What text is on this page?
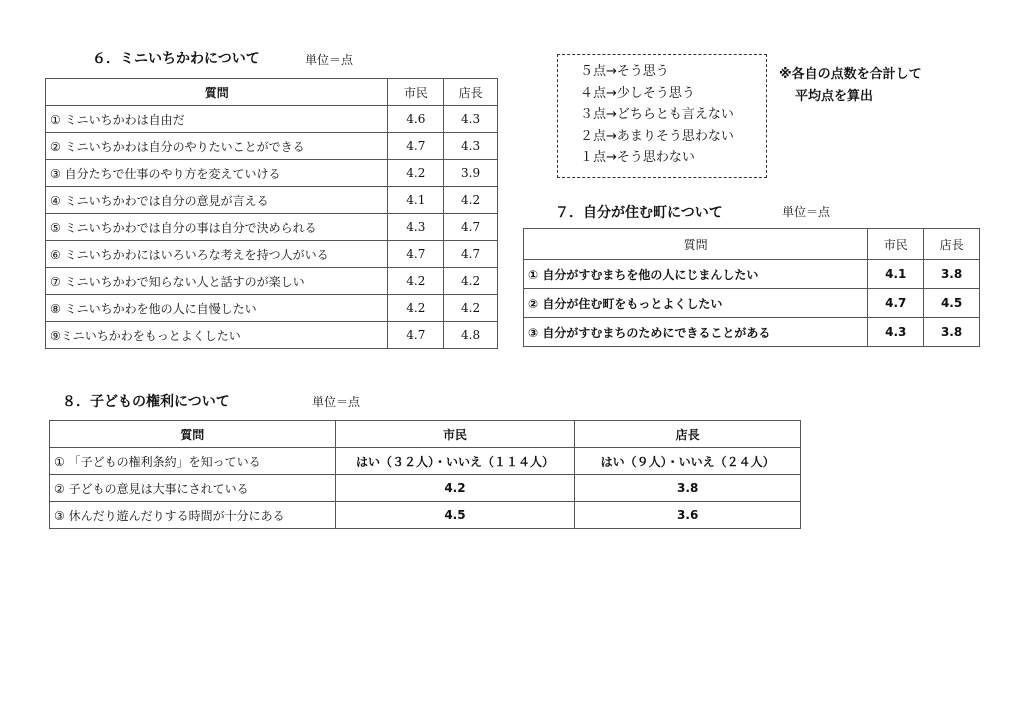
６．ミニいちかわについて	単位＝点
質問	市民	店長
① ミニいちかわは自由だ	4.6	4.3
② ミニいちかわは自分のやりたいことができる	4.7	4.3
③ 自分たちで仕事のやり方を変えていける	4.2	3.9
④ ミニいちかわでは自分の意見が言える	4.1	4.2
⑤ ミニいちかわでは自分の事は自分で決められる	4.3	4.7
⑥ ミニいちかわにはいろいろな考えを持つ人がいる	4.7	4.7
⑦ ミニいちかわで知らない人と話すのが楽しい	4.2	4.2
⑧ ミニいちかわを他の人に自慢したい	4.2	4.2
⑨ミニいちかわをもっとよくしたい	4.7	4.8
５点→そう思う
４点→少しそう思う
３点→どちらとも言えない
２点→あまりそう思わない
１点→そう思わない
※各自の点数を合計して
平均点を算出
７．自分が住む町について	単位＝点
質問	市民	店長
① 自分がすむまちを他の人にじまんしたい	4.1	3.8
② 自分が住む町をもっとよくしたい	4.7	4.5
③ 自分がすむまちのためにできることがある	4.3	3.8
８．子どもの権利について	単位＝点
質問	市民	店長
① 「子どもの権利条約」を知っている	はい（３２人）・いいえ（１１４人）	はい（９人）・いいえ（２４人）
② 子どもの意見は大事にされている	4.2	3.8
③ 休んだり遊んだりする時間が十分にある	4.5	3.6
